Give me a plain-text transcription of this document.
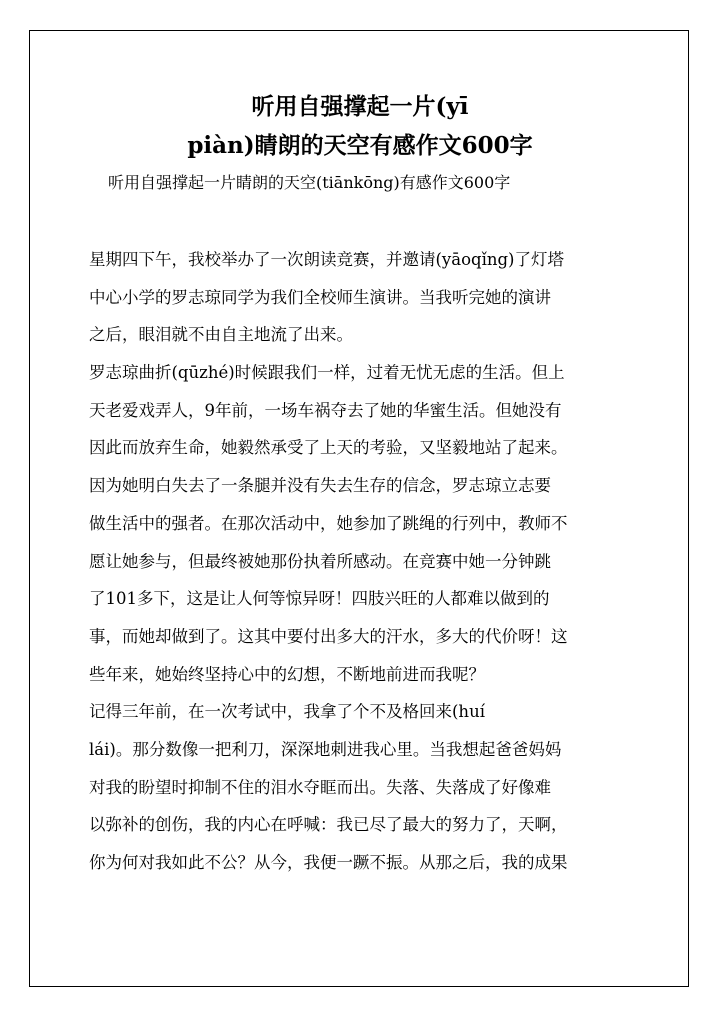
听用自强撑起一片(yī
piàn)睛朗的天空有感作文600字

听用自强撑起一片睛朗的天空(tiānkōng)有感作文600字

星期四下午，我校举办了一次朗读竞赛，并邀请(yāoqǐng)了灯塔
中心小学的罗志琼同学为我们全校师生演讲。当我听完她的演讲
之后，眼泪就不由自主地流了出来。
罗志琼曲折(qūzhé)时候跟我们一样，过着无忧无虑的生活。但上
天老爱戏弄人，9年前，一场车祸夺去了她的华蜜生活。但她没有
因此而放弃生命，她毅然承受了上天的考验，又坚毅地站了起来。
因为她明白失去了一条腿并没有失去生存的信念，罗志琼立志要
做生活中的强者。在那次活动中，她参加了跳绳的行列中，教师不
愿让她参与，但最终被她那份执着所感动。在竞赛中她一分钟跳
了101多下，这是让人何等惊异呀！四肢兴旺的人都难以做到的
事，而她却做到了。这其中要付出多大的汗水，多大的代价呀！这
些年来，她始终坚持心中的幻想，不断地前进而我呢？
记得三年前，在一次考试中，我拿了个不及格回来(huí
lái)。那分数像一把利刀，深深地刺进我心里。当我想起爸爸妈妈
对我的盼望时抑制不住的泪水夺眶而出。失落、失落成了好像难
以弥补的创伤，我的内心在呼喊：我已尽了最大的努力了，天啊，
你为何对我如此不公？从今，我便一蹶不振。从那之后，我的成果
